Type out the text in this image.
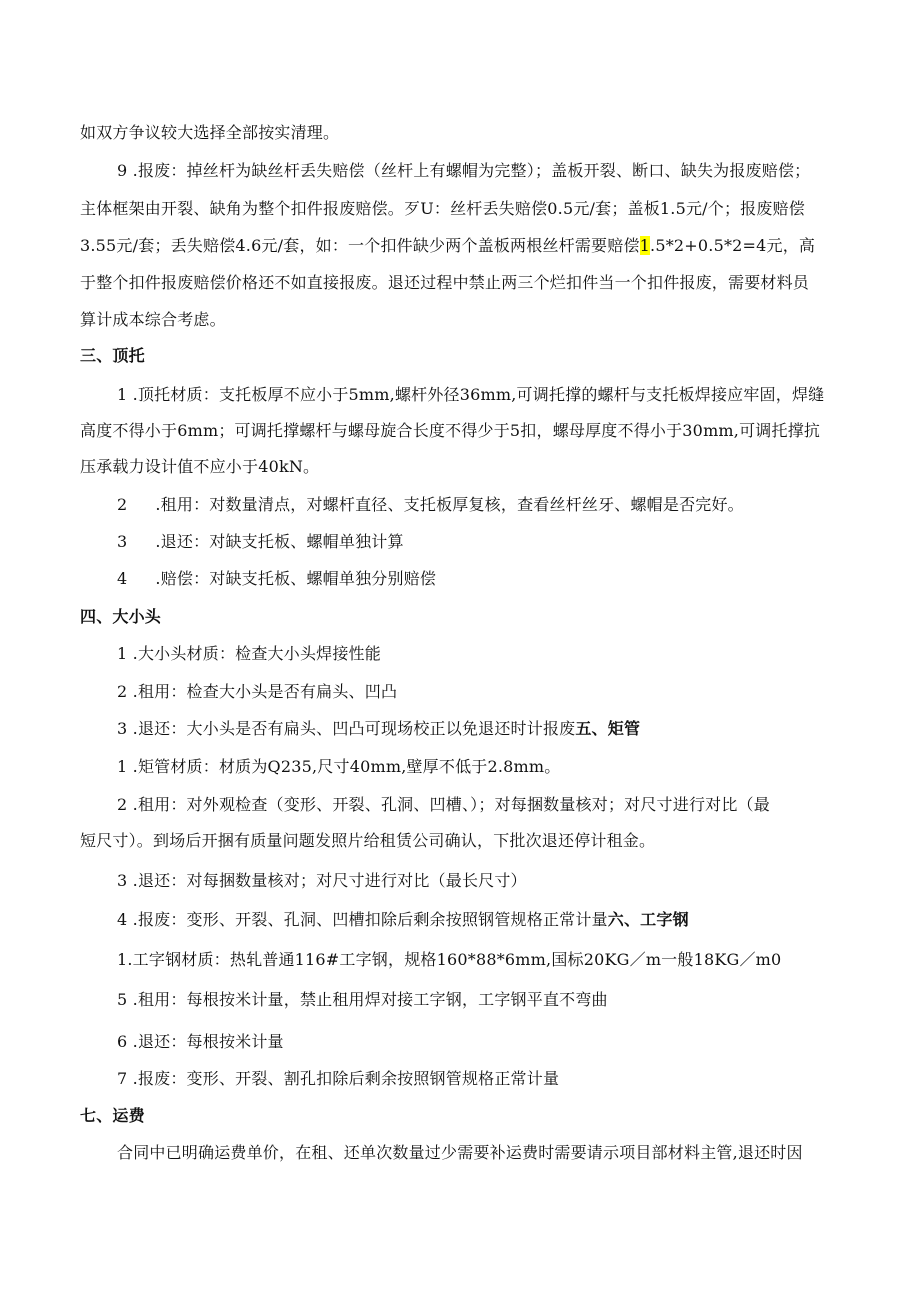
如双方争议较大选择全部按实清理。
9 .报废：掉丝杆为缺丝杆丢失赔偿（丝杆上有螺帽为完整）；盖板开裂、断口、缺失为报废赔偿；
主体框架由开裂、缺角为整个扣件报废赔偿。歹U：丝杆丢失赔偿0.5元/套；盖板1.5元/个；报废赔偿
3.55元/套；丢失赔偿4.6元/套，如：一个扣件缺少两个盖板两根丝杆需要赔偿1.5*2+0.5*2=4元，高
于整个扣件报废赔偿价格还不如直接报废。退还过程中禁止两三个烂扣件当一个扣件报废，需要材料员
算计成本综合考虑。
三、顶托
1 .顶托材质：支托板厚不应小于5mm,螺杆外径36mm,可调托撑的螺杆与支托板焊接应牢固，焊缝
高度不得小于6mm；可调托撑螺杆与螺母旋合长度不得少于5扣，螺母厚度不得小于30mm,可调托撑抗
压承载力设计值不应小于40kN。
2 .租用：对数量清点，对螺杆直径、支托板厚复核，查看丝杆丝牙、螺帽是否完好。
3 .退还：对缺支托板、螺帽单独计算
4 .赔偿：对缺支托板、螺帽单独分别赔偿
四、大小头
1 .大小头材质：检查大小头焊接性能
2 .租用：检查大小头是否有扁头、凹凸
3 .退还：大小头是否有扁头、凹凸可现场校正以免退还时计报废五、矩管
1 .矩管材质：材质为Q235,尺寸40mm,壁厚不低于2.8mm。
2 .租用：对外观检查（变形、开裂、孔洞、凹槽、）；对每捆数量核对；对尺寸进行对比（最
短尺寸）。到场后开捆有质量问题发照片给租赁公司确认，下批次退还停计租金。
3 .退还：对每捆数量核对；对尺寸进行对比（最长尺寸）
4 .报废：变形、开裂、孔洞、凹槽扣除后剩余按照钢管规格正常计量六、工字钢
1.工字钢材质：热轧普通116#工字钢，规格160*88*6mm,国标20KG／m一般18KG／m0
5 .租用：每根按米计量，禁止租用焊对接工字钢，工字钢平直不弯曲
6 .退还：每根按米计量
7 .报废：变形、开裂、割孔扣除后剩余按照钢管规格正常计量
七、运费
合同中已明确运费单价，在租、还单次数量过少需要补运费时需要请示项目部材料主管,退还时因
